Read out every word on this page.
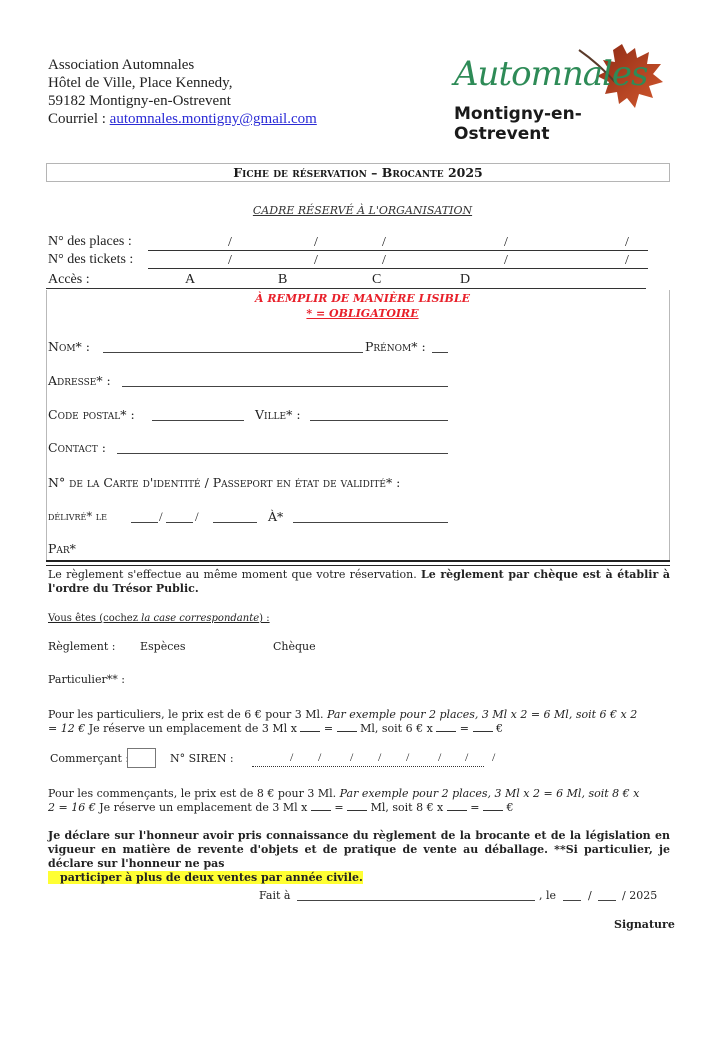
Association Automnales
Hôtel de Ville, Place Kennedy,
59182 Montigny-en-Ostrevent
Courriel : automnales.montigny@gmail.com
Automnales
Montigny-en-Ostrevent
Fiche de réservation – Brocante 2025
CADRE RÉSERVÉ À L'ORGANISATION
N° des places :	/	/	/	/	/
N° des tickets :	/	/	/	/	/
Accès :	A	B	C	D
À REMPLIR DE MANIÈRE LISIBLE
* = OBLIGATOIRE
Nom* :	Prénom* :
Adresse* :
Code postal* :	Ville* :
Contact :
N° de la Carte d'identité / Passeport en état de validité* :
délivré* le	/ /	À*
Par*
Le règlement s'effectue au même moment que votre réservation. Le règlement par chèque est à établir à l'ordre du Trésor Public.
Vous êtes (cochez la case correspondante) :
Règlement : Espèces	Chèque
Particulier** :
Pour les particuliers, le prix est de 6 € pour 3 Ml. Par exemple pour 2 places, 3 Ml x 2 = 6 Ml, soit 6 € x 2 = 12 € Je réserve un emplacement de 3 Ml x  =  Ml, soit 6 € x  =  €
Commerçant :	N° SIREN :	/ / / / / / / /
Pour les commençants, le prix est de 8 € pour 3 Ml. Par exemple pour 2 places, 3 Ml x 2 = 6 Ml, soit 8 € x 2 = 16 € Je réserve un emplacement de 3 Ml x  =  Ml, soit 8 € x  =  €
Je déclare sur l'honneur avoir pris connaissance du règlement de la brocante et de la législation en vigueur en matière de revente d'objets et de pratique de vente au déballage. **Si particulier, je déclare sur l'honneur ne pas
participer à plus de deux ventes par année civile.
Fait à	, le	/	/ 2025
Signature
